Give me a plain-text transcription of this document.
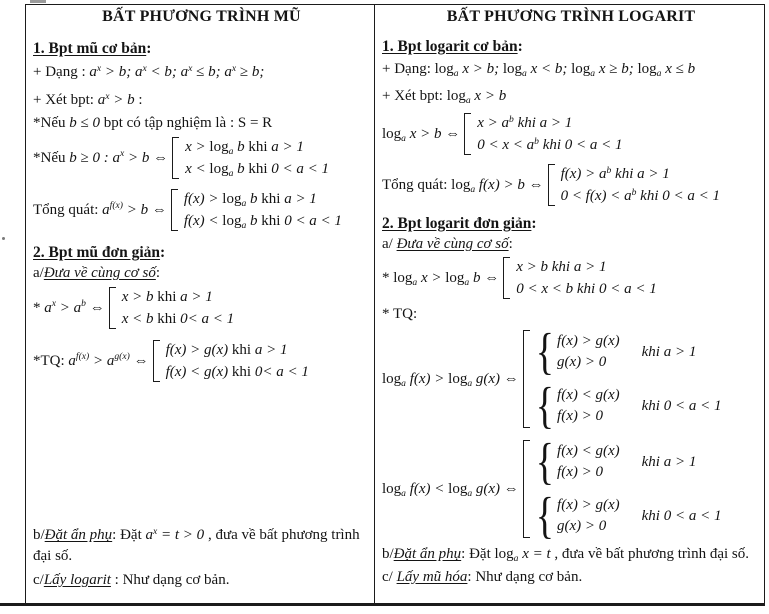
BẤT PHƯƠNG TRÌNH MŨ
1. Bpt mũ cơ bản:
+ Dạng : $a^x > b$; $a^x < b$; $a^x \le b$; $a^x \ge b$;
+ Xét bpt: $a^x > b$ :
*Nếu b ≤ 0 bpt có tập nghiệm là : S = R
*Nếu b ≥ 0 : $a^x > b$ ⇔
$x > \log_a b$ khi a > 1
$x < \log_a b$ khi 0 < a < 1
Tổng quát: $a^{f(x)} > b$ ⇔
$f(x) > \log_a b$ khi a > 1
$f(x) < \log_a b$ khi 0 < a < 1
2. Bpt mũ đơn giản:
a/Đưa về cùng cơ số:
* $a^x > a^b$ ⇔
x > b khi a > 1
x < b khi 0< a < 1
*TQ: $a^{f(x)} > a^{g(x)}$ ⇔
f(x) > g(x) khi a > 1
f(x) < g(x) khi 0< a < 1

b/Đặt ẩn phụ: Đặt $a^x = t > 0$ , đưa về bất phương trình đại số.

c/Lấy logarit : Như dạng cơ bản.

BẤT PHƯƠNG TRÌNH LOGARIT
1. Bpt logarit cơ bản:
+ Dạng: $\log_a x > b$; $\log_a x < b$; $\log_a x \ge b$; $\log_a x \le b$
+ Xét bpt: $\log_a x > b$
$\log_a x > b$ ⇔
$x > a^b$ khi a > 1
$0 < x < a^b$ khi 0 < a < 1
Tổng quát: $\log_a f(x) > b$ ⇔
$f(x) > a^b$ khi a > 1
$0 < f(x) < a^b$ khi 0 < a < 1
2. Bpt logarit đơn giản:
a/ Đưa về cùng cơ số:
* $\log_a x > \log_a b$ ⇔
x > b khi a > 1
0 < x < b khi 0 < a < 1
* TQ:
$\log_a f(x) > \log_a g(x)$ ⇔ { f(x) > g(x)
g(x) > 0
khi a > 1
{ f(x) < g(x)
f(x) > 0
khi 0 < a < 1
$\log_a f(x) < \log_a g(x)$ ⇔ { f(x) < g(x)
f(x) > 0
khi a > 1
{ f(x) > g(x)
g(x) > 0
khi 0 < a < 1

b/Đặt ẩn phụ: Đặt $\log_a x = t$ , đưa về bất phương trình đại số.

c/ Lấy mũ hóa: Như dạng cơ bản.
